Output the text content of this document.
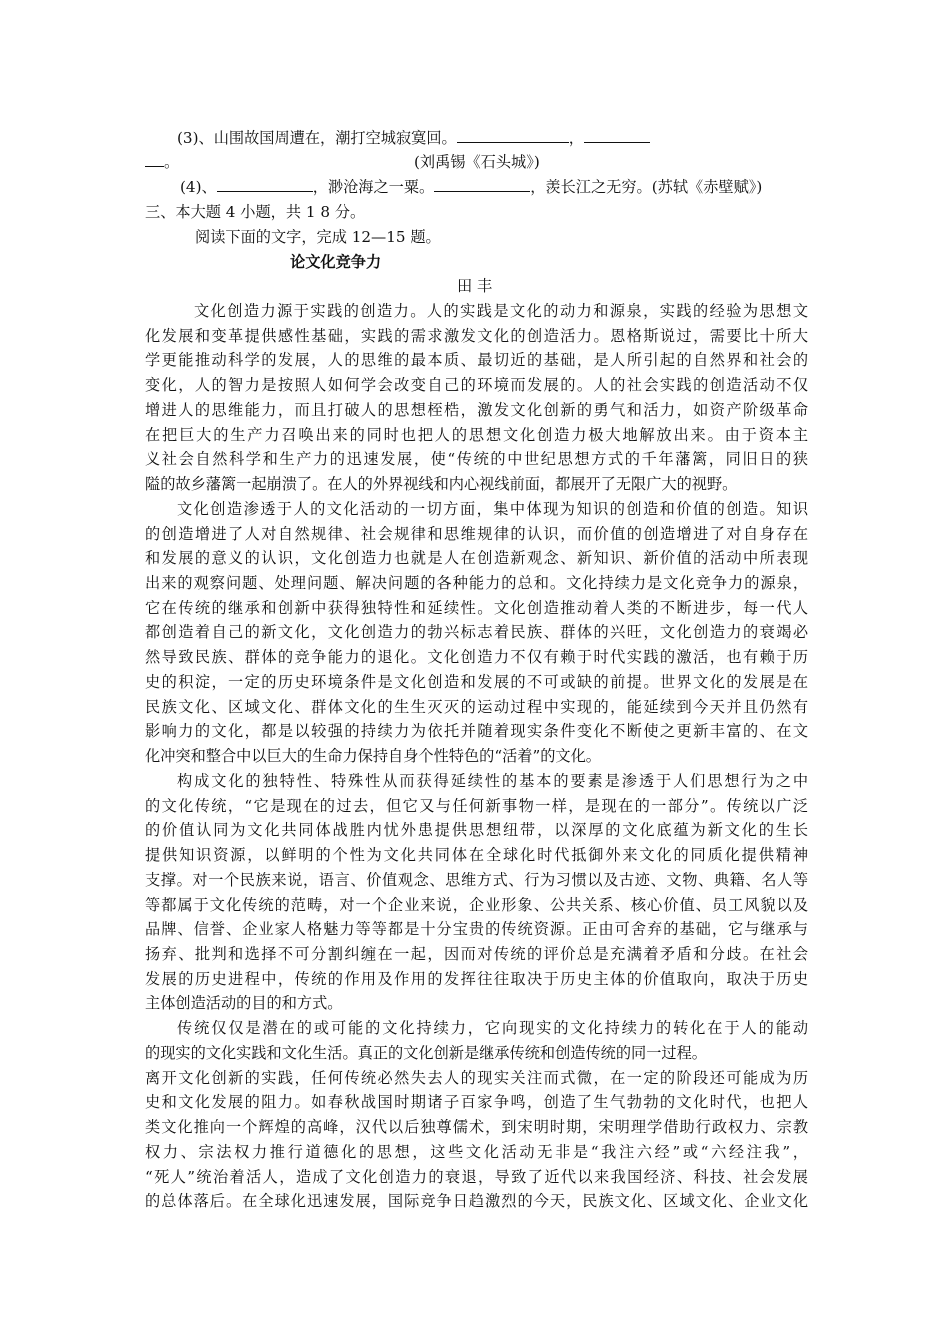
(3)、山围故国周遭在，潮打空城寂寞回。	，
。	(刘禹锡《石头城》)
(4)、	，渺沧海之一粟。	，羡长江之无穷。(苏轼《赤壁赋》)
三、本大题 4 小题，共 1 8 分。
阅读下面的文字，完成 12—15 题。
论文化竞争力
田 丰
文化创造力源于实践的创造力。人的实践是文化的动力和源泉，实践的经验为思想文
化发展和变革提供感性基础，实践的需求激发文化的创造活力。恩格斯说过，需要比十所大
学更能推动科学的发展，人的思维的最本质、最切近的基础，是人所引起的自然界和社会的
变化，人的智力是按照人如何学会改变自己的环境而发展的。人的社会实践的创造活动不仅
增进人的思维能力，而且打破人的思想桎梏，激发文化创新的勇气和活力，如资产阶级革命
在把巨大的生产力召唤出来的同时也把人的思想文化创造力极大地解放出来。由于资本主
义社会自然科学和生产力的迅速发展，使“传统的中世纪思想方式的千年藩篱，同旧日的狭
隘的故乡藩篱一起崩溃了。在人的外界视线和内心视线前面，都展开了无限广大的视野。
文化创造渗透于人的文化活动的一切方面，集中体现为知识的创造和价值的创造。知识
的创造增进了人对自然规律、社会规律和思维规律的认识，而价值的创造增进了对自身存在
和发展的意义的认识，文化创造力也就是人在创造新观念、新知识、新价值的活动中所表现
出来的观察问题、处理问题、解决问题的各种能力的总和。文化持续力是文化竞争力的源泉，
它在传统的继承和创新中获得独特性和延续性。文化创造推动着人类的不断进步，每一代人
都创造着自己的新文化，文化创造力的勃兴标志着民族、群体的兴旺，文化创造力的衰竭必
然导致民族、群体的竞争能力的退化。文化创造力不仅有赖于时代实践的激活，也有赖于历
史的积淀，一定的历史环境条件是文化创造和发展的不可或缺的前提。世界文化的发展是在
民族文化、区域文化、群体文化的生生灭灭的运动过程中实现的，能延续到今天并且仍然有
影响力的文化，都是以较强的持续力为依托并随着现实条件变化不断使之更新丰富的、在文
化冲突和整合中以巨大的生命力保持自身个性特色的“活着”的文化。
构成文化的独特性、特殊性从而获得延续性的基本的要素是渗透于人们思想行为之中
的文化传统，“它是现在的过去，但它又与任何新事物一样，是现在的一部分”。传统以广泛
的价值认同为文化共同体战胜内忧外患提供思想纽带，以深厚的文化底蕴为新文化的生长
提供知识资源，以鲜明的个性为文化共同体在全球化时代抵御外来文化的同质化提供精神
支撑。对一个民族来说，语言、价值观念、思维方式、行为习惯以及古迹、文物、典籍、名人等
等都属于文化传统的范畴，对一个企业来说，企业形象、公共关系、核心价值、员工风貌以及
品牌、信誉、企业家人格魅力等等都是十分宝贵的传统资源。正由可舍弃的基础，它与继承与
扬弃、批判和选择不可分割纠缠在一起，因而对传统的评价总是充满着矛盾和分歧。在社会
发展的历史进程中，传统的作用及作用的发挥往往取决于历史主体的价值取向，取决于历史
主体创造活动的目的和方式。
传统仅仅是潜在的或可能的文化持续力，它向现实的文化持续力的转化在于人的能动
的现实的文化实践和文化生活。真正的文化创新是继承传统和创造传统的同一过程。
离开文化创新的实践，任何传统必然失去人的现实关注而式微，在一定的阶段还可能成为历
史和文化发展的阻力。如春秋战国时期诸子百家争鸣，创造了生气勃勃的文化时代，也把人
类文化推向一个辉煌的高峰，汉代以后独尊儒术，到宋明时期，宋明理学借助行政权力、宗教
权力、宗法权力推行道德化的思想，这些文化活动无非是“我注六经”或“六经注我”，
“死人”统治着活人，造成了文化创造力的衰退，导致了近代以来我国经济、科技、社会发展
的总体落后。在全球化迅速发展，国际竞争日趋激烈的今天，民族文化、区域文化、企业文化
